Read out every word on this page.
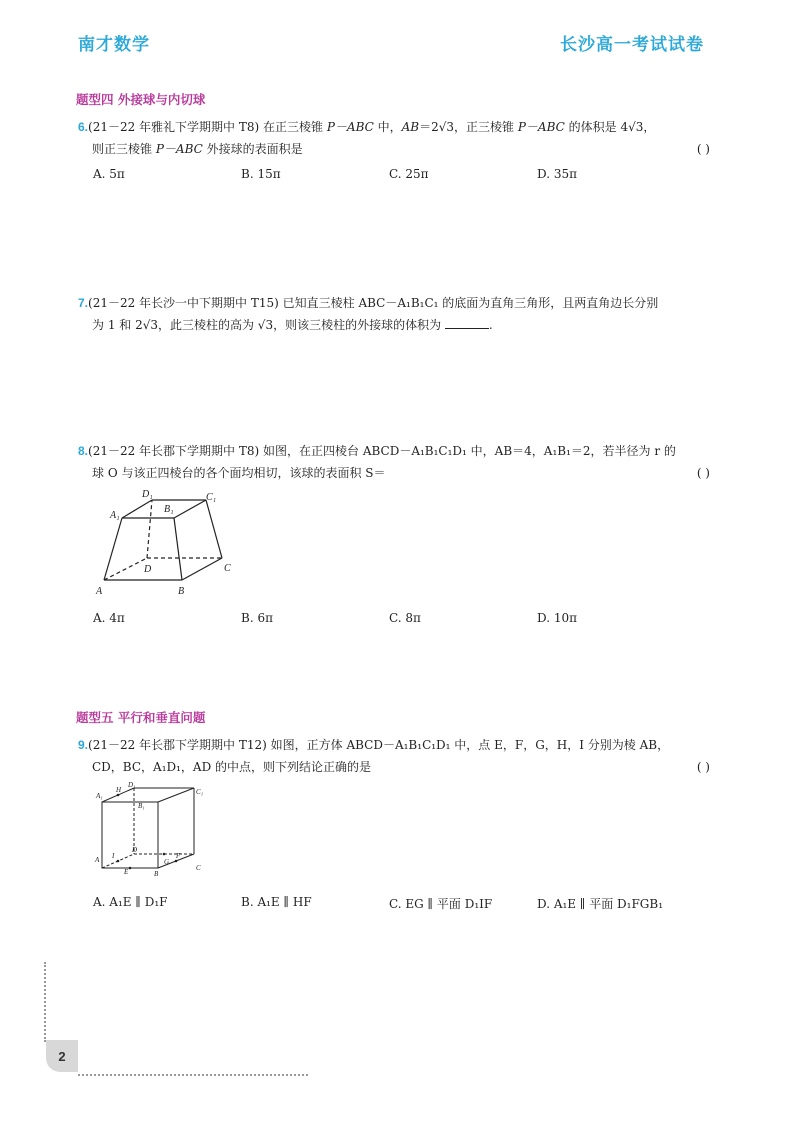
南才数学	长沙高一考试试卷
题型四 外接球与内切球
6.(21－22 年雅礼下学期期中 T8) 在正三棱锥 P－ABC 中，AB＝2√3，正三棱锥 P－ABC 的体积是 4√3，
则正三棱锥 P－ABC 外接球的表面积是	( )
A. 5π	B. 15π	C. 25π	D. 35π
7.(21－22 年长沙一中下期期中 T15) 已知直三棱柱 ABC－A₁B₁C₁ 的底面为直角三角形，且两直角边长分别
为 1 和 2√3，此三棱柱的高为 √3，则该三棱柱的外接球的体积为	.
8.(21－22 年长郡下学期期中 T8) 如图，在正四棱台 ABCD－A₁B₁C₁D₁ 中，AB＝4，A₁B₁＝2，若半径为 r 的
球 O 与该正四棱台的各个面均相切，该球的表面积 S＝	( )
A	B
C
D
A₁
B₁
C₁
D₁
A. 4π	B. 6π	C. 8π	D. 10π
题型五 平行和垂直问题
9.(21－22 年长郡下学期期中 T12) 如图，正方体 ABCD－A₁B₁C₁D₁ 中，点 E，F，G，H，I 分别为棱 AB，
CD，BC，A₁D₁，AD 的中点，则下列结论正确的是	( )
A
B
C
D
A₁
B₁
C₁
D₁
E
F
G
H
I
A. A₁E ∥ D₁F	B. A₁E ∥ HF	C. EG ∥ 平面 D₁IF	D. A₁E ∥ 平面 D₁FGB₁
2
